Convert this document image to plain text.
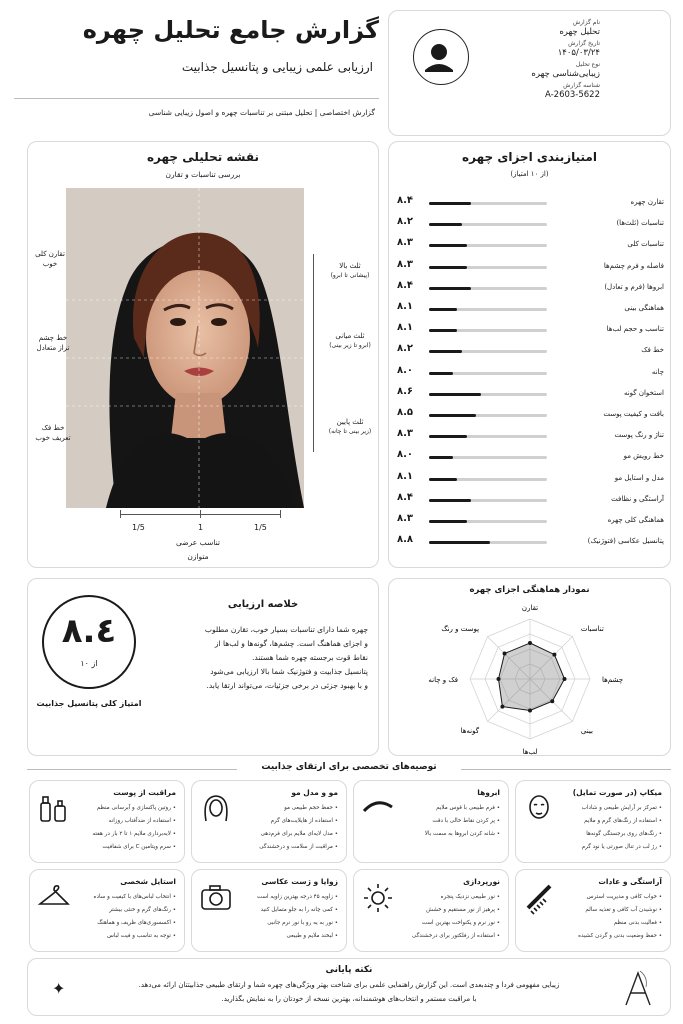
گزارش جامع تحلیل چهره
ارزیابی علمی زیبایی و پتانسیل جذابیت
گزارش اختصاصی | تحلیل مبتنی بر تناسبات چهره و اصول زیبایی شناسی
نام گزارش
تحلیل چهره
تاریخ گزارش
۱۴۰۵/۰۳/۲۴
نوع تحلیل
زیبایی‌شناسی چهره
شناسه گزارش
A-2603-5622
نقشه تحلیلی چهره
بررسی تناسبات و تقارن
تقارن کلی
خوب
خط چشم
تراز متعادل
خط فک
تعریف خوب
ثلث بالا
(پیشانی تا ابرو)
ثلث میانی
(ابرو تا زیر بینی)
ثلث پایین
(زیر بینی تا چانه)
1/5	1	1/5
تناسب عرضی
متوازن
امتیازبندی اجزای چهره
(از ۱۰ امتیاز)
تقارن چهره
۸.۴
تناسبات (ثلث‌ها)
۸.۲
تناسبات کلی
۸.۳
فاصله و فرم چشم‌ها
۸.۳
ابروها (فرم و تعادل)
۸.۴
هماهنگی بینی
۸.۱
تناسب و حجم لب‌ها
۸.۱
خط فک
۸.۲
چانه
۸.۰
استخوان گونه
۸.۶
بافت و کیفیت پوست
۸.۵
تناژ و رنگ پوست
۸.۳
خط رویش مو
۸.۰
مدل و استایل مو
۸.۱
آراستگی و نظافت
۸.۴
هماهنگی کلی چهره
۸.۳
پتانسیل عکاسی (فتوژنیک)
۸.۸
۸.٤
از ۱۰
امتیاز کلی پتانسیل جذابیت
خلاصه ارزیابی
چهره شما دارای تناسبات بسیار خوب، تقارن مطلوب
و اجزای هماهنگ است. چشم‌ها، گونه‌ها و لب‌ها از
نقاط قوت برجسته چهره شما هستند.
پتانسیل جذابیت و فتوژنیک شما بالا ارزیابی می‌شود
و با بهبود جزئی در برخی جزئیات، می‌تواند ارتقا یابد.
نمودار هماهنگی اجزای چهره
تقارن
تناسبات
چشم‌ها
بینی
لب‌ها
گونه‌ها
فک و چانه
پوست و رنگ
توصیه‌های تخصصی برای ارتقای جذابیت
میکاپ (در صورت تمایل)
• تمرکز بر آرایش طبیعی و شاداب
• استفاده از رنگ‌های گرم و ملایم
• رنگ‌های روی برجستگی گونه‌ها
• رژ لب در تنال صورتی یا نود گرم
ابروها
• فرم طبیعی با قوس ملایم
• پر کردن نقاط خالی با دقت
• شانه کردن ابروها به سمت بالا
مو و مدل مو
• حفظ حجم طبیعی مو
• استفاده از هایلایت‌های گرم
• مدل لایه‌ای ملایم برای فرم‌دهی
• مراقبت از سلامت و درخشندگی
مراقبت از پوست
• روتین پاکسازی و آبرسانی منظم
• استفاده از ضدآفتاب روزانه
• لایه‌برداری ملایم ۱ تا ۲ بار در هفته
• سرم ویتامین C برای شفافیت
آراستگی و عادات
• خواب کافی و مدیریت استرس
• نوشیدن آب کافی و تغذیه سالم
• فعالیت بدنی منظم
• حفظ وضعیت بدنی و گردن کشیده
نورپردازی
• نور طبیعی نزدیک پنجره
• پرهیز از نور مستقیم و خشش
• نور نرم و یکنواخت بهترین است
• استفاده از رفلکتور برای درخشندگی
زوایا و ژست عکاسی
• زاویه ۴۵ درجه بهترین زاویه است
• کمی چانه را به جلو متمایل کنید
• نور به یه رو با نور نرم جانبی
• لبخند ملایم و طبیعی
استایل شخصی
• انتخاب لباس‌های با کیفیت و ساده
• رنگ‌های گرم و خنثی بیشتر
• اکسسوری‌های ظریف و هماهنگ
• توجه به تناسب و فیت لباس
✦
نکته پایانی
زیبایی مفهومی فردا و چندبعدی است. این گزارش راهنمایی علمی برای شناخت بهتر ویژگی‌های چهره شما و ارتقای طبیعی جذابیتتان ارائه می‌دهد.
با مراقبت مستمر و انتخاب‌های هوشمندانه، بهترین نسخه از خودتان را به نمایش بگذارید.
